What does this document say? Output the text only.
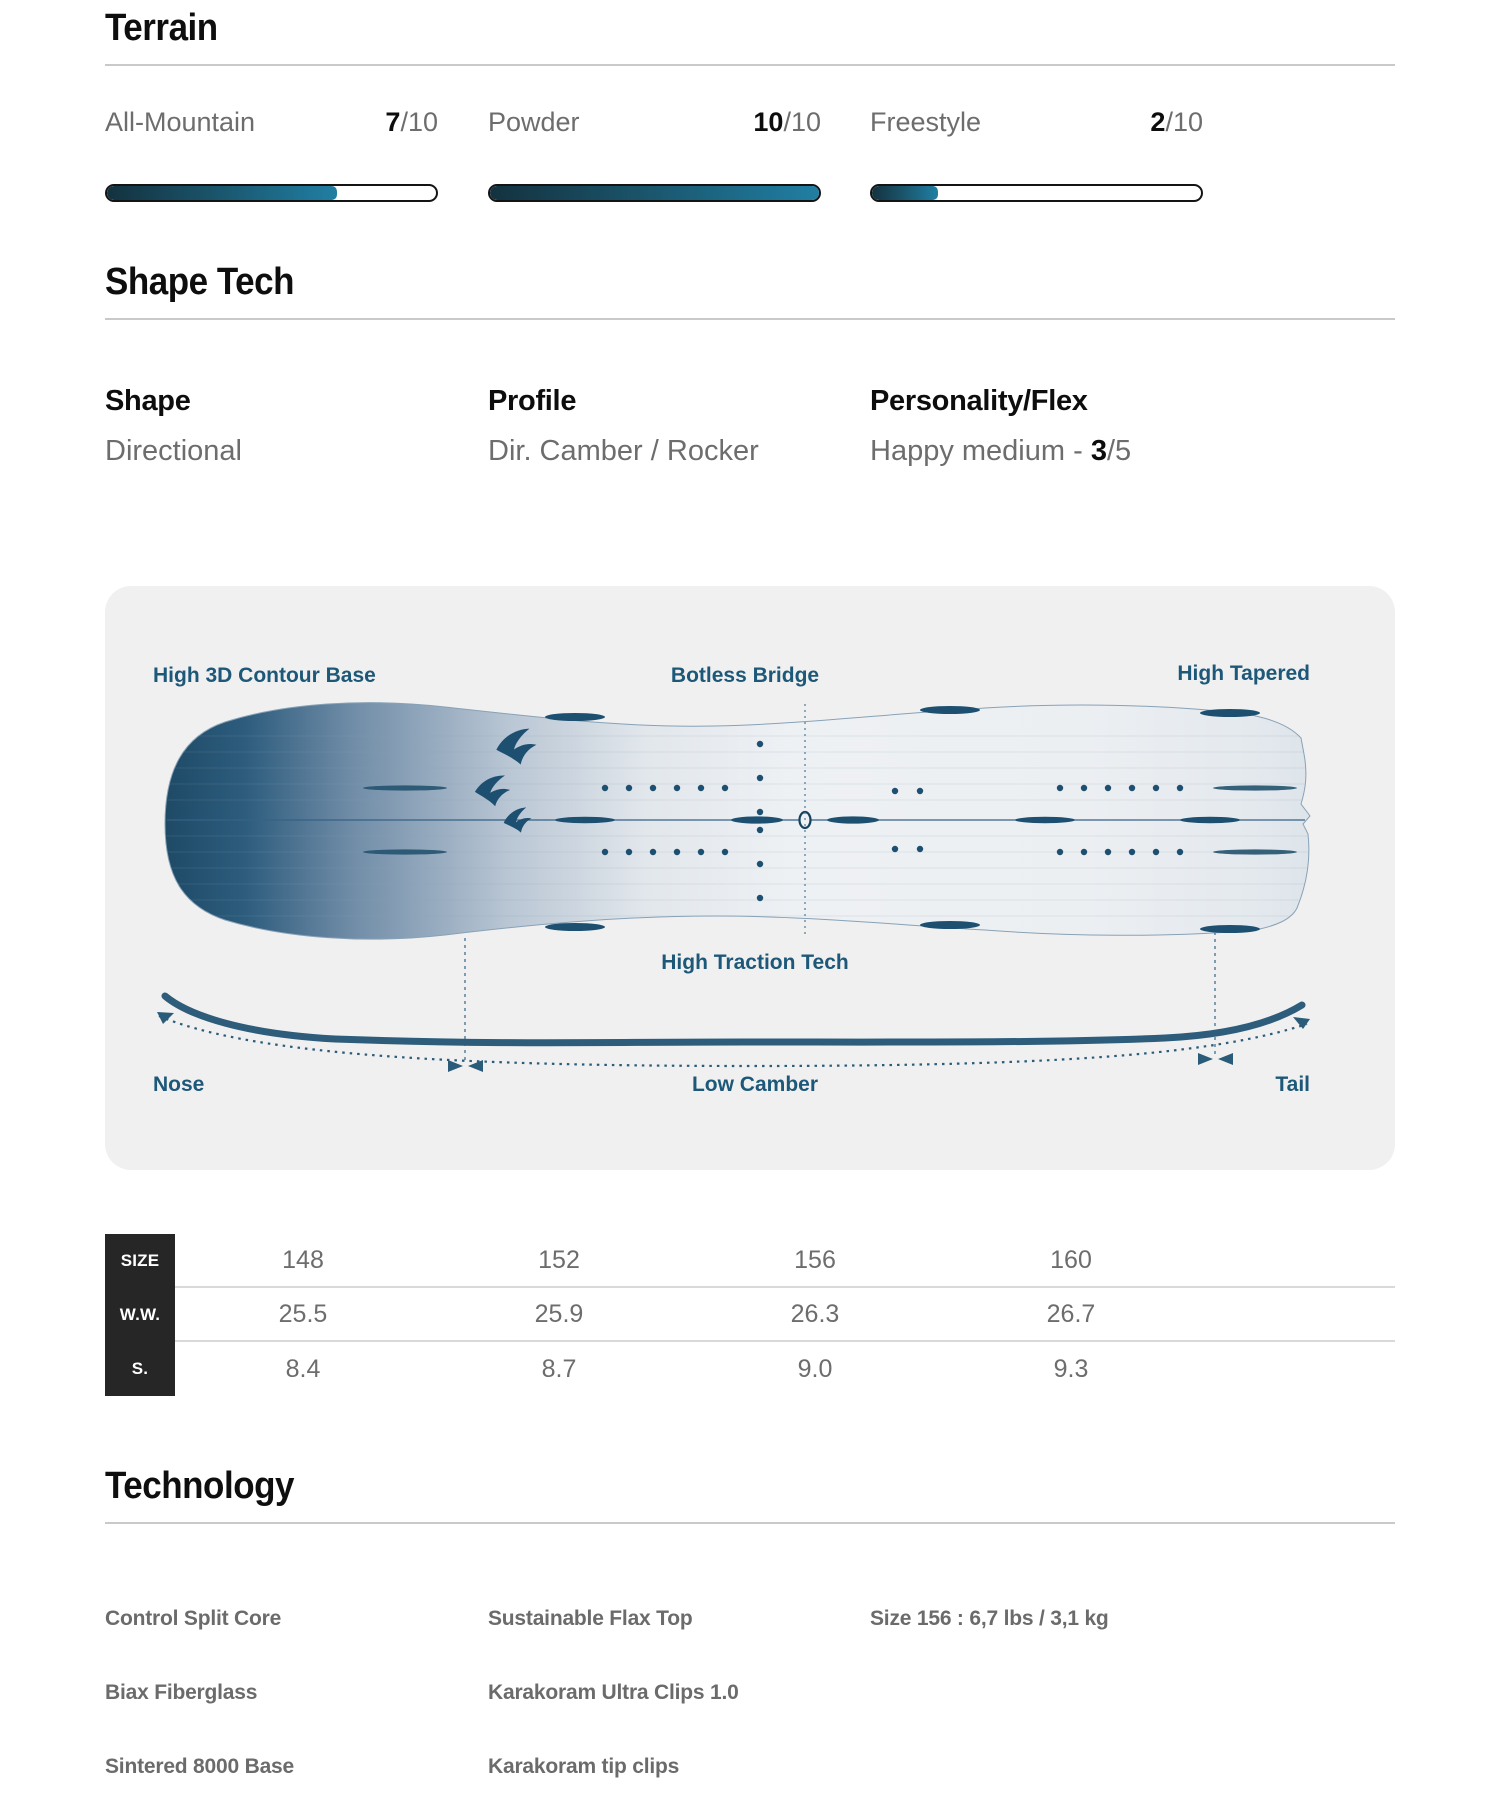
Terrain
All-Mountain	7/10 Powder	10/10 Freestyle	2/10
Shape Tech
Shape
Directional
Profile
Dir. Camber / Rocker
Personality/Flex
Happy medium - 3/5
High 3D Contour Base	Botless Bridge	High Tapered
High Traction Tech
Nose	Low Camber	Tail
SIZE	148	152	156	160
W.W.	25.5	25.9	26.3	26.7
S.	8.4	8.7	9.0	9.3
Technology
Control Split Core
Biax Fiberglass
Sintered 8000 Base
Sustainable Flax Top
Karakoram Ultra Clips 1.0
Karakoram tip clips
Size 156 : 6,7 lbs / 3,1 kg
